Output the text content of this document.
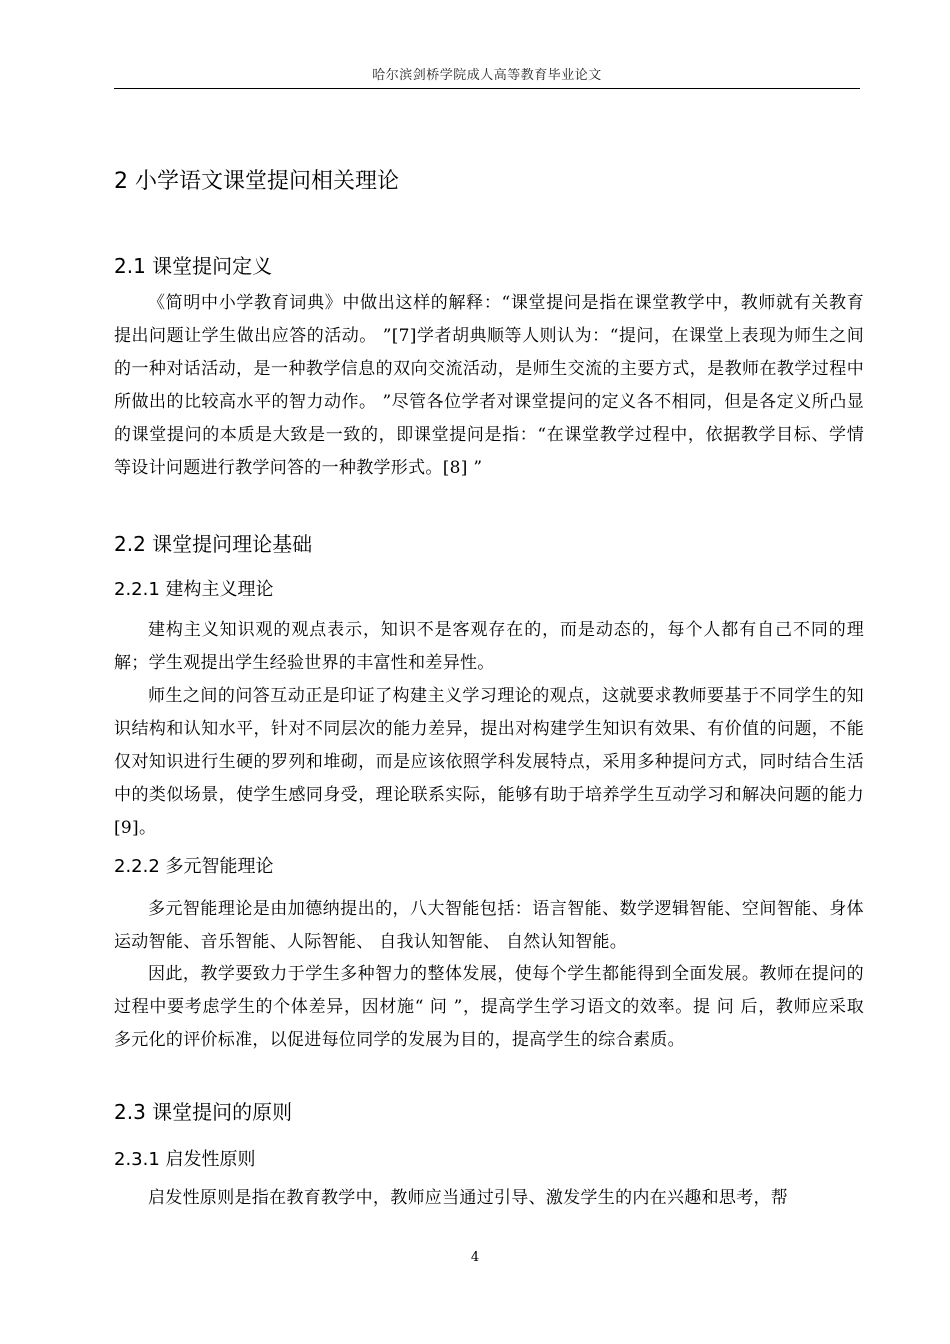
哈尔滨剑桥学院成人高等教育毕业论文
2 小学语文课堂提问相关理论
2.1 课堂提问定义
《简明中小学教育词典》中做出这样的解释：“课堂提问是指在课堂教学中，教师就有关教育提出问题让学生做出应答的活动。 ”[7]学者胡典顺等人则认为：“提问，在课堂上表现为师生之间的一种对话活动，是一种教学信息的双向交流活动，是师生交流的主要方式，是教师在教学过程中所做出的比较高水平的智力动作。 ”尽管各位学者对课堂提问的定义各不相同，但是各定义所凸显的课堂提问的本质是大致是一致的，即课堂提问是指：“在课堂教学过程中，依据教学目标、学情等设计问题进行教学问答的一种教学形式。[8] ”
2.2 课堂提问理论基础
2.2.1 建构主义理论
建构主义知识观的观点表示，知识不是客观存在的，而是动态的，每个人都有自己不同的理解；学生观提出学生经验世界的丰富性和差异性。
师生之间的问答互动正是印证了构建主义学习理论的观点，这就要求教师要基于不同学生的知识结构和认知水平，针对不同层次的能力差异，提出对构建学生知识有效果、有价值的问题，不能仅对知识进行生硬的罗列和堆砌，而是应该依照学科发展特点，采用多种提问方式，同时结合生活中的类似场景，使学生感同身受，理论联系实际，能够有助于培养学生互动学习和解决问题的能力[9]。
2.2.2 多元智能理论
多元智能理论是由加德纳提出的，八大智能包括：语言智能、数学逻辑智能、空间智能、身体运动智能、音乐智能、人际智能、 自我认知智能、 自然认知智能。
因此，教学要致力于学生多种智力的整体发展，使每个学生都能得到全面发展。教师在提问的过程中要考虑学生的个体差异，因材施“ 问 ”，提高学生学习语文的效率。提 问 后，教师应采取多元化的评价标准，以促进每位同学的发展为目的，提高学生的综合素质。
2.3 课堂提问的原则
2.3.1 启发性原则
启发性原则是指在教育教学中，教师应当通过引导、激发学生的内在兴趣和思考，帮
4
